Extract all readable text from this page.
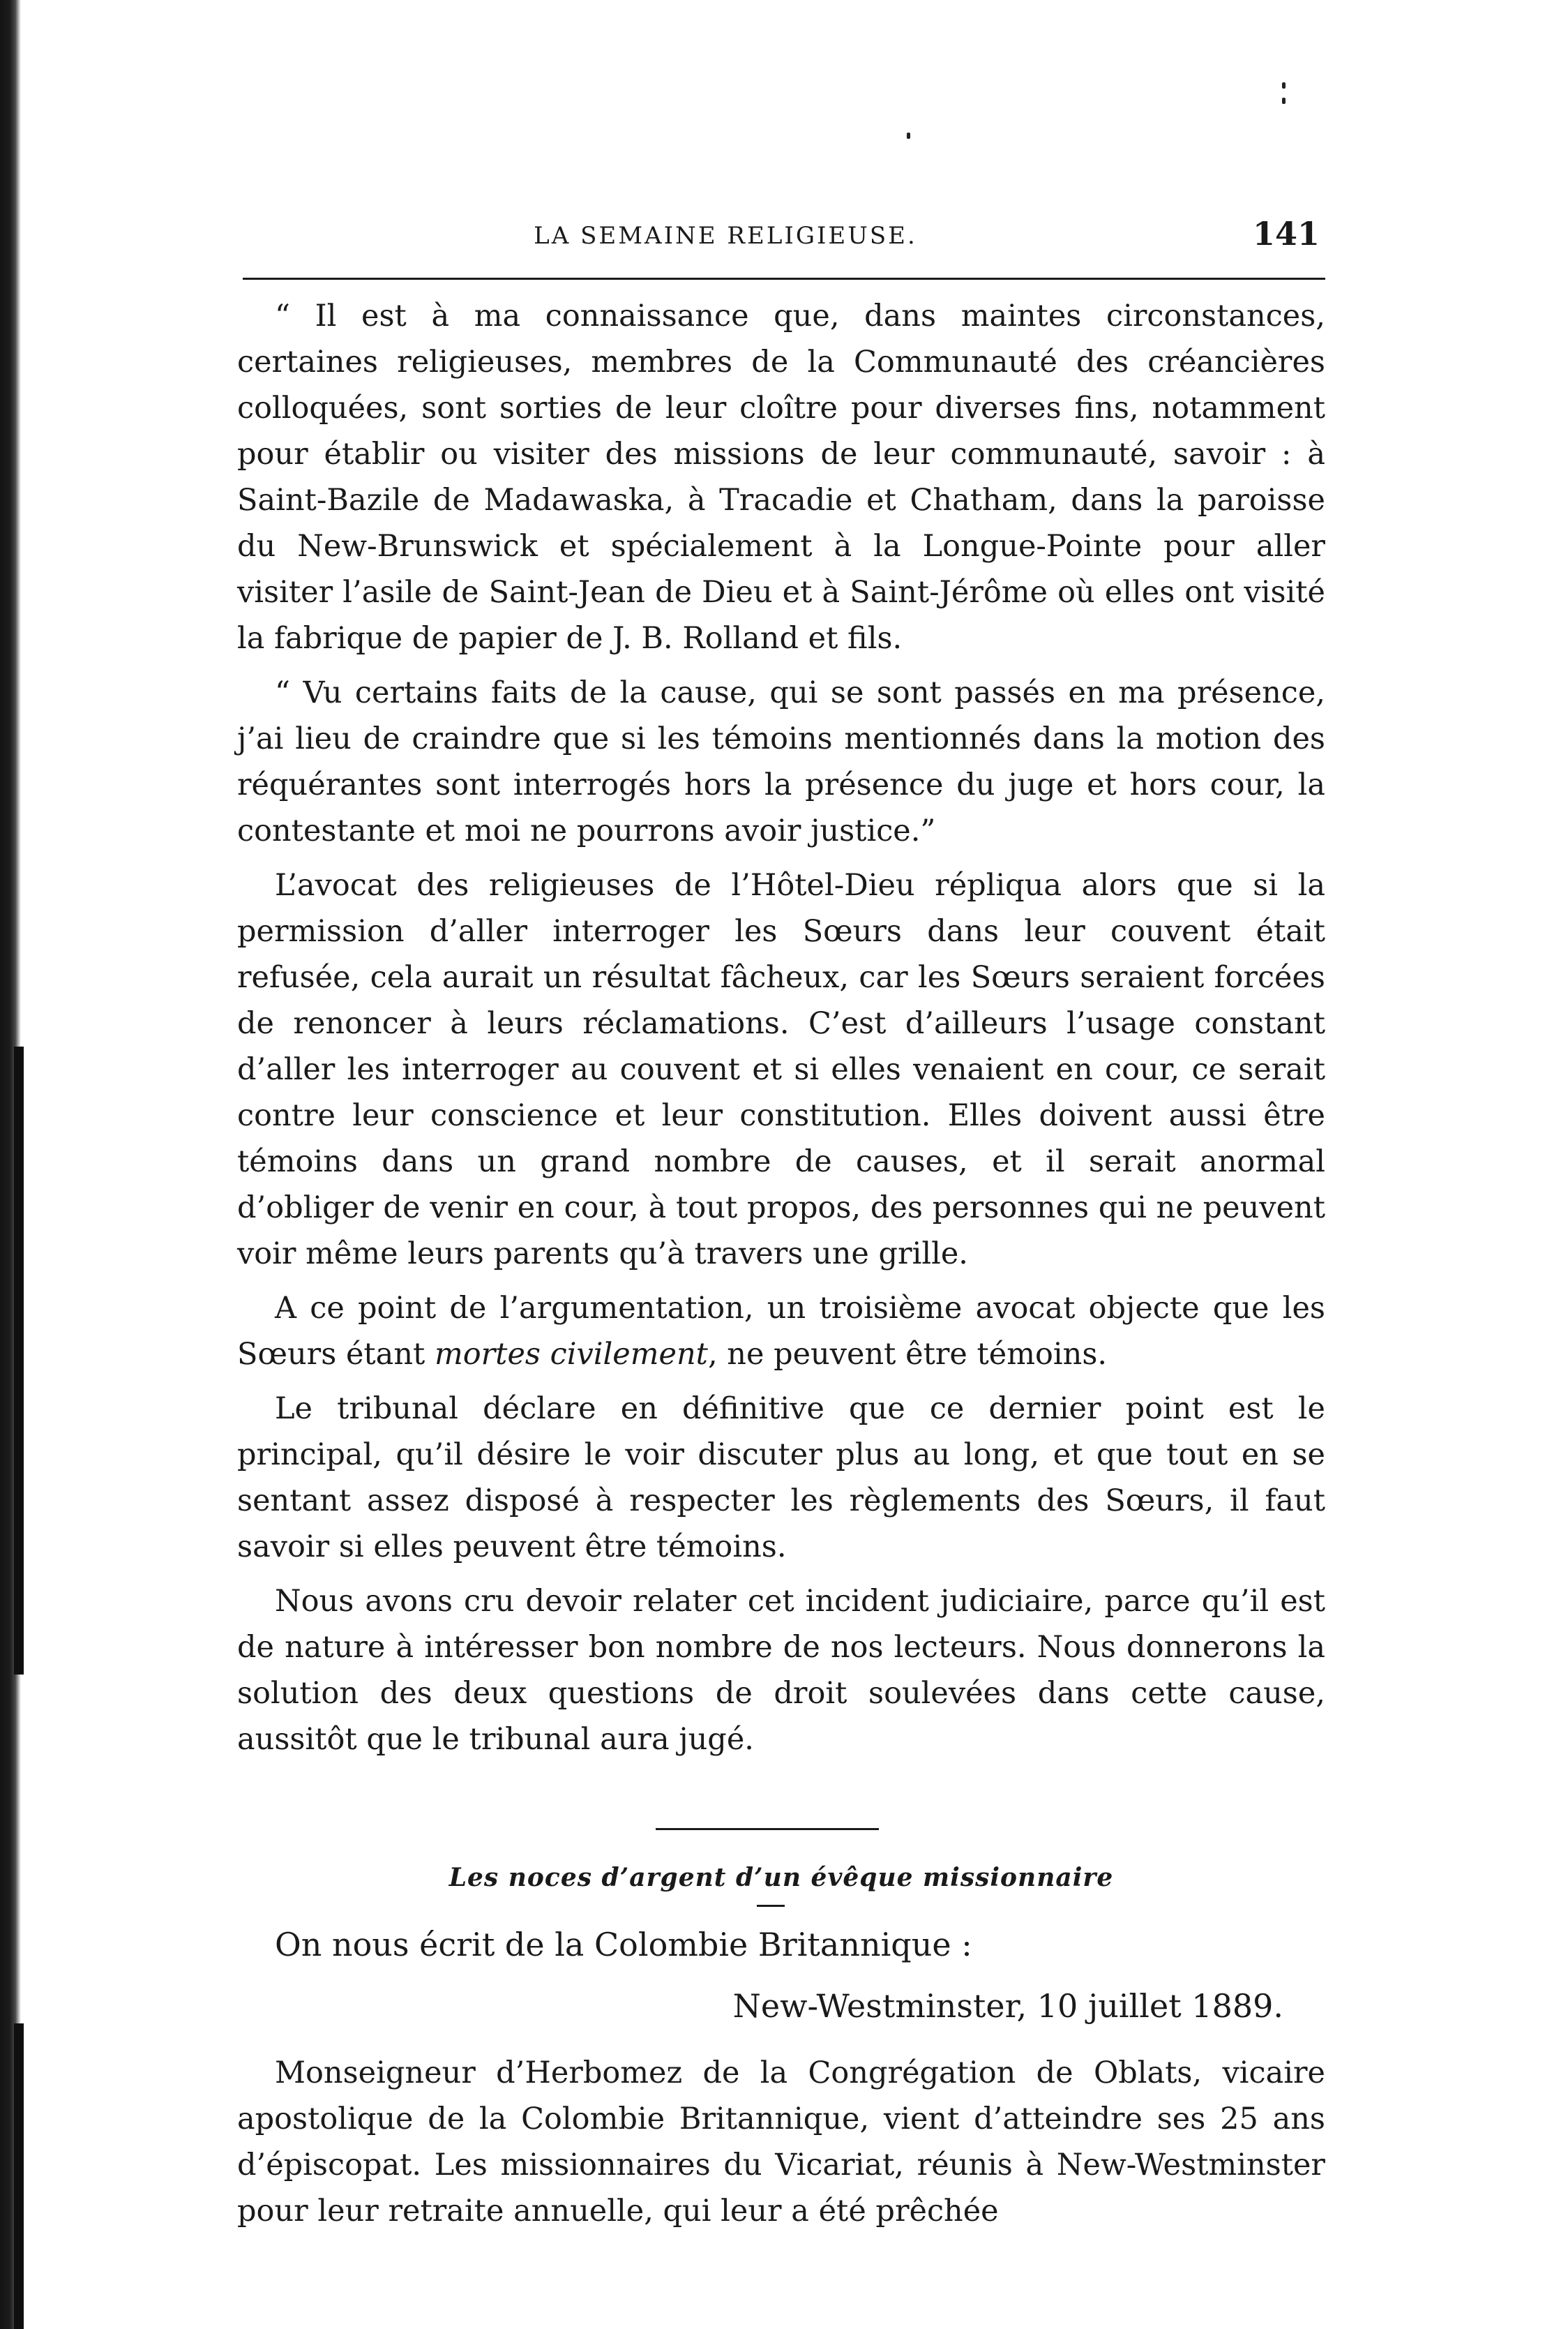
LA SEMAINE RELIGIEUSE.	141

“ Il est à ma connaissance que, dans maintes circonstances, certaines religieuses, membres de la Communauté des créancières colloquées, sont sorties de leur cloître pour diverses fins, notamment pour établir ou visiter des missions de leur communauté, savoir : à Saint-Bazile de Madawaska, à Tracadie et Chatham, dans la paroisse du New-Brunswick et spécialement à la Longue-Pointe pour aller visiter l’asile de Saint-Jean de Dieu et à Saint-Jérôme où elles ont visité la fabrique de papier de J. B. Rolland et fils.

“ Vu certains faits de la cause, qui se sont passés en ma présence, j’ai lieu de craindre que si les témoins mentionnés dans la motion des réquérantes sont interrogés hors la présence du juge et hors cour, la contestante et moi ne pourrons avoir justice.”

L’avocat des religieuses de l’Hôtel-Dieu répliqua alors que si la permission d’aller interroger les Sœurs dans leur couvent était refusée, cela aurait un résultat fâcheux, car les Sœurs seraient forcées de renoncer à leurs réclamations. C’est d’ailleurs l’usage constant d’aller les interroger au couvent et si elles venaient en cour, ce serait contre leur conscience et leur constitution. Elles doivent aussi être témoins dans un grand nombre de causes, et il serait anormal d’obliger de venir en cour, à tout propos, des personnes qui ne peuvent voir même leurs parents qu’à travers une grille.

A ce point de l’argumentation, un troisième avocat objecte que les Sœurs étant mortes civilement, ne peuvent être témoins.

Le tribunal déclare en définitive que ce dernier point est le principal, qu’il désire le voir discuter plus au long, et que tout en se sentant assez disposé à respecter les règlements des Sœurs, il faut savoir si elles peuvent être témoins.

Nous avons cru devoir relater cet incident judiciaire, parce qu’il est de nature à intéresser bon nombre de nos lecteurs. Nous donnerons la solution des deux questions de droit soulevées dans cette cause, aussitôt que le tribunal aura jugé.

Les noces d’argent d’un évêque missionnaire
On nous écrit de la Colombie Britannique :
New-Westminster, 10 juillet 1889.

Monseigneur d’Herbomez de la Congrégation de Oblats, vicaire apostolique de la Colombie Britannique, vient d’atteindre ses 25 ans d’épiscopat. Les missionnaires du Vicariat, réunis à New-Westminster pour leur retraite annuelle, qui leur a été prêchée
